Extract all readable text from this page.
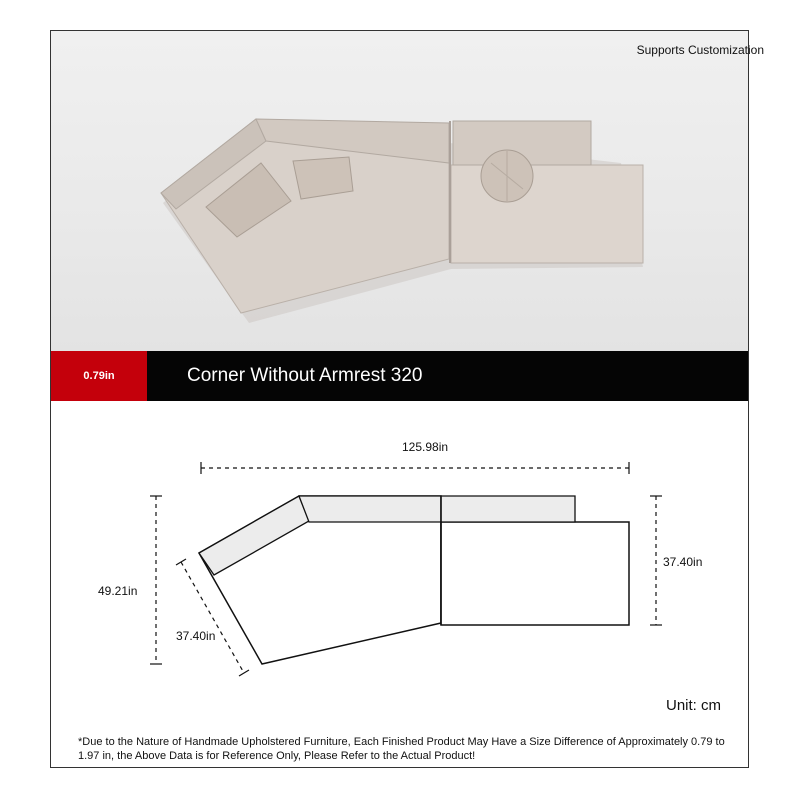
Supports Customization
0.79in	Corner Without Armrest 320
125.98in
37.40in
49.21in
37.40in
Unit: cm
*Due to the Nature of Handmade Upholstered Furniture, Each Finished Product May Have a Size Difference of Approximately 0.79 to 1.97 in, the Above Data is for Reference Only, Please Refer to the Actual Product!
